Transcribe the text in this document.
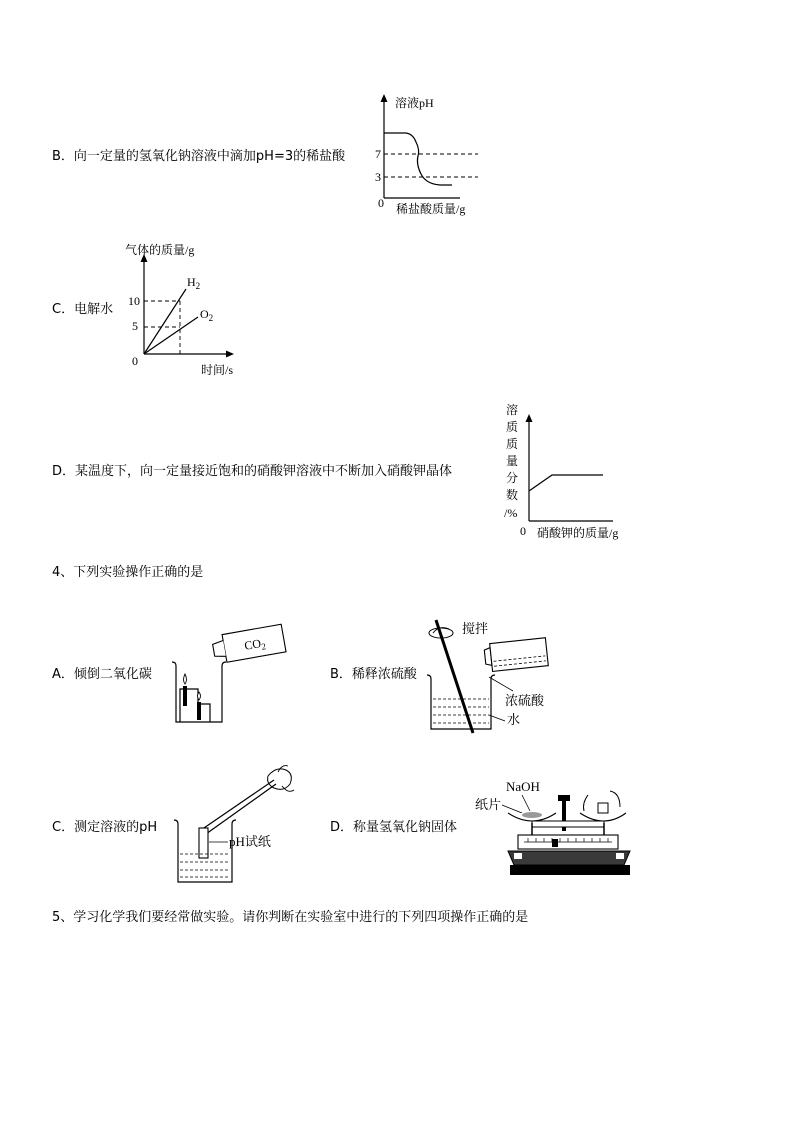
B．向一定量的氢氧化钠溶液中滴加pH=3的稀盐酸
溶液pH
7
3
0 稀盐酸质量/g
C．电解水
气体的质量/g
时间/s
0
10
5
$H_2$
$O_2$
D．某温度下，向一定量接近饱和的硝酸钾溶液中不断加入硝酸钾晶体
溶
质
质
量
分
数
/%
0 硝酸钾的质量/g
4、下列实验操作正确的是
A．倾倒二氧化碳
$CO_2$
B．稀释浓硫酸
搅拌
浓硫酸
水
C．测定溶液的pH
pH试纸
D．称量氢氧化钠固体
NaOH
纸片
5、学习化学我们要经常做实验。请你判断在实验室中进行的下列四项操作正确的是
